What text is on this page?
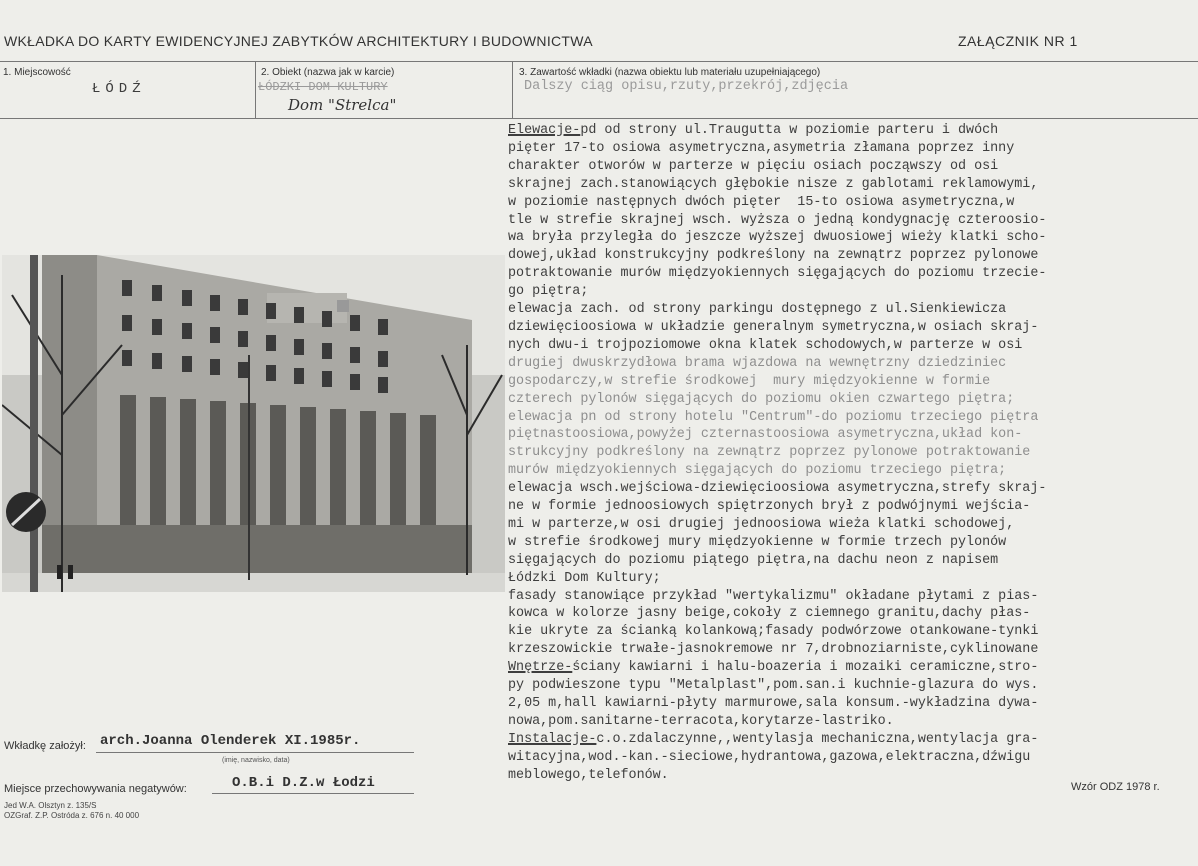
WKŁADKA DO KARTY EWIDENCYJNEJ ZABYTKÓW ARCHITEKTURY I BUDOWNICTWA	ZAŁĄCZNIK NR 1
1. Miejscowość
ŁÓDŹ
2. Obiekt (nazwa jak w karcie)
ŁÓDZKI DOM KULTURY
Dom "Strelca"
3. Zawartość wkładki (nazwa obiektu lub materiału uzupełniającego)
Dalszy ciąg opisu,rzuty,przekrój,zdjęcia
Elewacje-pd od strony ul.Traugutta w poziomie parteru i dwóch
pięter 17-to osiowa asymetryczna,asymetria złamana poprzez inny
charakter otworów w parterze w pięciu osiach począwszy od osi
skrajnej zach.stanowiących głębokie nisze z gablotami reklamowymi,
w poziomie następnych dwóch pięter  15-to osiowa asymetryczna,w
tle w strefie skrajnej wsch. wyższa o jedną kondygnację czteroosio-
wa bryła przyległa do jeszcze wyższej dwuosiowej wieży klatki scho-
dowej,układ konstrukcyjny podkreślony na zewnątrz poprzez pylonowe
potraktowanie murów międzyokiennych sięgających do poziomu trzecie-
go piętra;
elewacja zach. od strony parkingu dostępnego z ul.Sienkiewicza
dziewięcioosiowa w układzie generalnym symetryczna,w osiach skraj-
nych dwu-i trojpoziomowe okna klatek schodowych,w parterze w osi
drugiej dwuskrzydłowa brama wjazdowa na wewnętrzny dziedziniec
gospodarczy,w strefie środkowej  mury międzyokienne w formie
czterech pylonów sięgających do poziomu okien czwartego piętra;
elewacja pn od strony hotelu "Centrum"-do poziomu trzeciego piętra
piętnastoosiowa,powyżej czternastoosiowa asymetryczna,układ kon-
strukcyjny podkreślony na zewnątrz poprzez pylonowe potraktowanie
murów międzyokiennych sięgających do poziomu trzeciego piętra;
elewacja wsch.wejściowa-dziewięcioosiowa asymetryczna,strefy skraj-
ne w formie jednoosiowych spiętrzonych brył z podwójnymi wejścia-
mi w parterze,w osi drugiej jednoosiowa wieża klatki schodowej,
w strefie środkowej mury międzyokienne w formie trzech pylonów
sięgających do poziomu piątego piętra,na dachu neon z napisem
Łódzki Dom Kultury;
fasady stanowiące przykład "wertykalizmu" okładane płytami z pias-
kowca w kolorze jasny beige,cokoły z ciemnego granitu,dachy płas-
kie ukryte za ścianką kolankową;fasady podwórzowe otankowane-tynki
krzeszowickie trwałe-jasnokremowe nr 7,drobnoziarniste,cyklinowane
Wnętrze-ściany kawiarni i halu-boazeria i mozaiki ceramiczne,stro-
py podwieszone typu "Metalplast",pom.san.i kuchnie-glazura do wys.
2,05 m,hall kawiarni-płyty marmurowe,sala konsum.-wykładzina dywa-
nowa,pom.sanitarne-terracota,korytarze-lastriko.
Instalacje-c.o.zdalaczynne,,wentylasja mechaniczna,wentylacja gra-
witacyjna,wod.-kan.-sieciowe,hydrantowa,gazowa,elektraczna,dźwigu
meblowego,telefonów.
Wkładkę założył: arch.Joanna Olenderek XI.1985r.
(imię, nazwisko, data)
Miejsce przechowywania negatywów:	O.B.i D.Z.w Łodzi
Jed W.A. Olsztyn z. 135/S
OZGraf. Z.P. Ostróda z. 676 n. 40 000
Wzór ODZ 1978 r.
